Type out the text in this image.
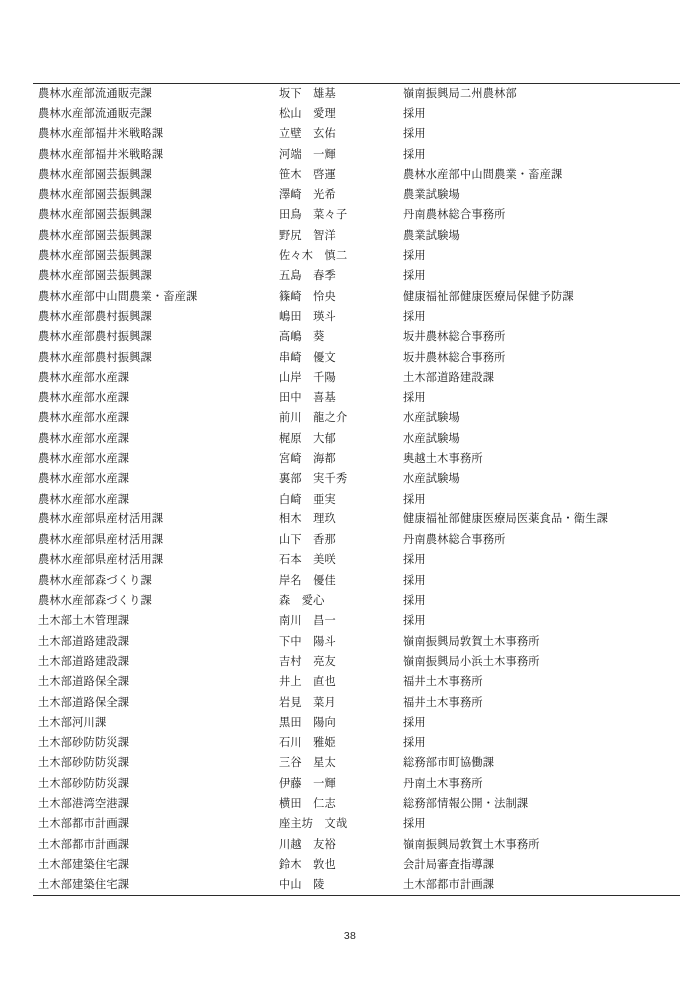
農林水産部流通販売課	坂下　雄基	嶺南振興局二州農林部
農林水産部流通販売課	松山　愛理	採用
農林水産部福井米戦略課	立壁　玄佑	採用
農林水産部福井米戦略課	河端　一輝	採用
農林水産部園芸振興課	笹木　啓運	農林水産部中山間農業・畜産課
農林水産部園芸振興課	澤崎　光希	農業試験場
農林水産部園芸振興課	田鳥　菜々子	丹南農林総合事務所
農林水産部園芸振興課	野尻　智洋	農業試験場
農林水産部園芸振興課	佐々木　慎二	採用
農林水産部園芸振興課	五島　春季	採用
農林水産部中山間農業・畜産課	篠崎　怜央	健康福祉部健康医療局保健予防課
農林水産部農村振興課	嶋田　瑛斗	採用
農林水産部農村振興課	高嶋　葵	坂井農林総合事務所
農林水産部農村振興課	串崎　優文	坂井農林総合事務所
農林水産部水産課	山岸　千陽	土木部道路建設課
農林水産部水産課	田中　喜基	採用
農林水産部水産課	前川　龍之介	水産試験場
農林水産部水産課	梶原　大郁	水産試験場
農林水産部水産課	宮崎　海都	奥越土木事務所
農林水産部水産課	裏部　実千秀	水産試験場
農林水産部水産課	白崎　亜実	採用
農林水産部県産材活用課	相木　理玖	健康福祉部健康医療局医薬食品・衛生課
農林水産部県産材活用課	山下　香那	丹南農林総合事務所
農林水産部県産材活用課	石本　美咲	採用
農林水産部森づくり課	岸名　優佳	採用
農林水産部森づくり課	森　愛心	採用
土木部土木管理課	南川　昌一	採用
土木部道路建設課	下中　陽斗	嶺南振興局敦賀土木事務所
土木部道路建設課	吉村　亮友	嶺南振興局小浜土木事務所
土木部道路保全課	井上　直也	福井土木事務所
土木部道路保全課	岩見　菜月	福井土木事務所
土木部河川課	黒田　陽向	採用
土木部砂防防災課	石川　雅姫	採用
土木部砂防防災課	三谷　星太	総務部市町協働課
土木部砂防防災課	伊藤　一輝	丹南土木事務所
土木部港湾空港課	横田　仁志	総務部情報公開・法制課
土木部都市計画課	座主坊　文哉	採用
土木部都市計画課	川越　友裕	嶺南振興局敦賀土木事務所
土木部建築住宅課	鈴木　敦也	会計局審査指導課
土木部建築住宅課	中山　陵	土木部都市計画課
38
